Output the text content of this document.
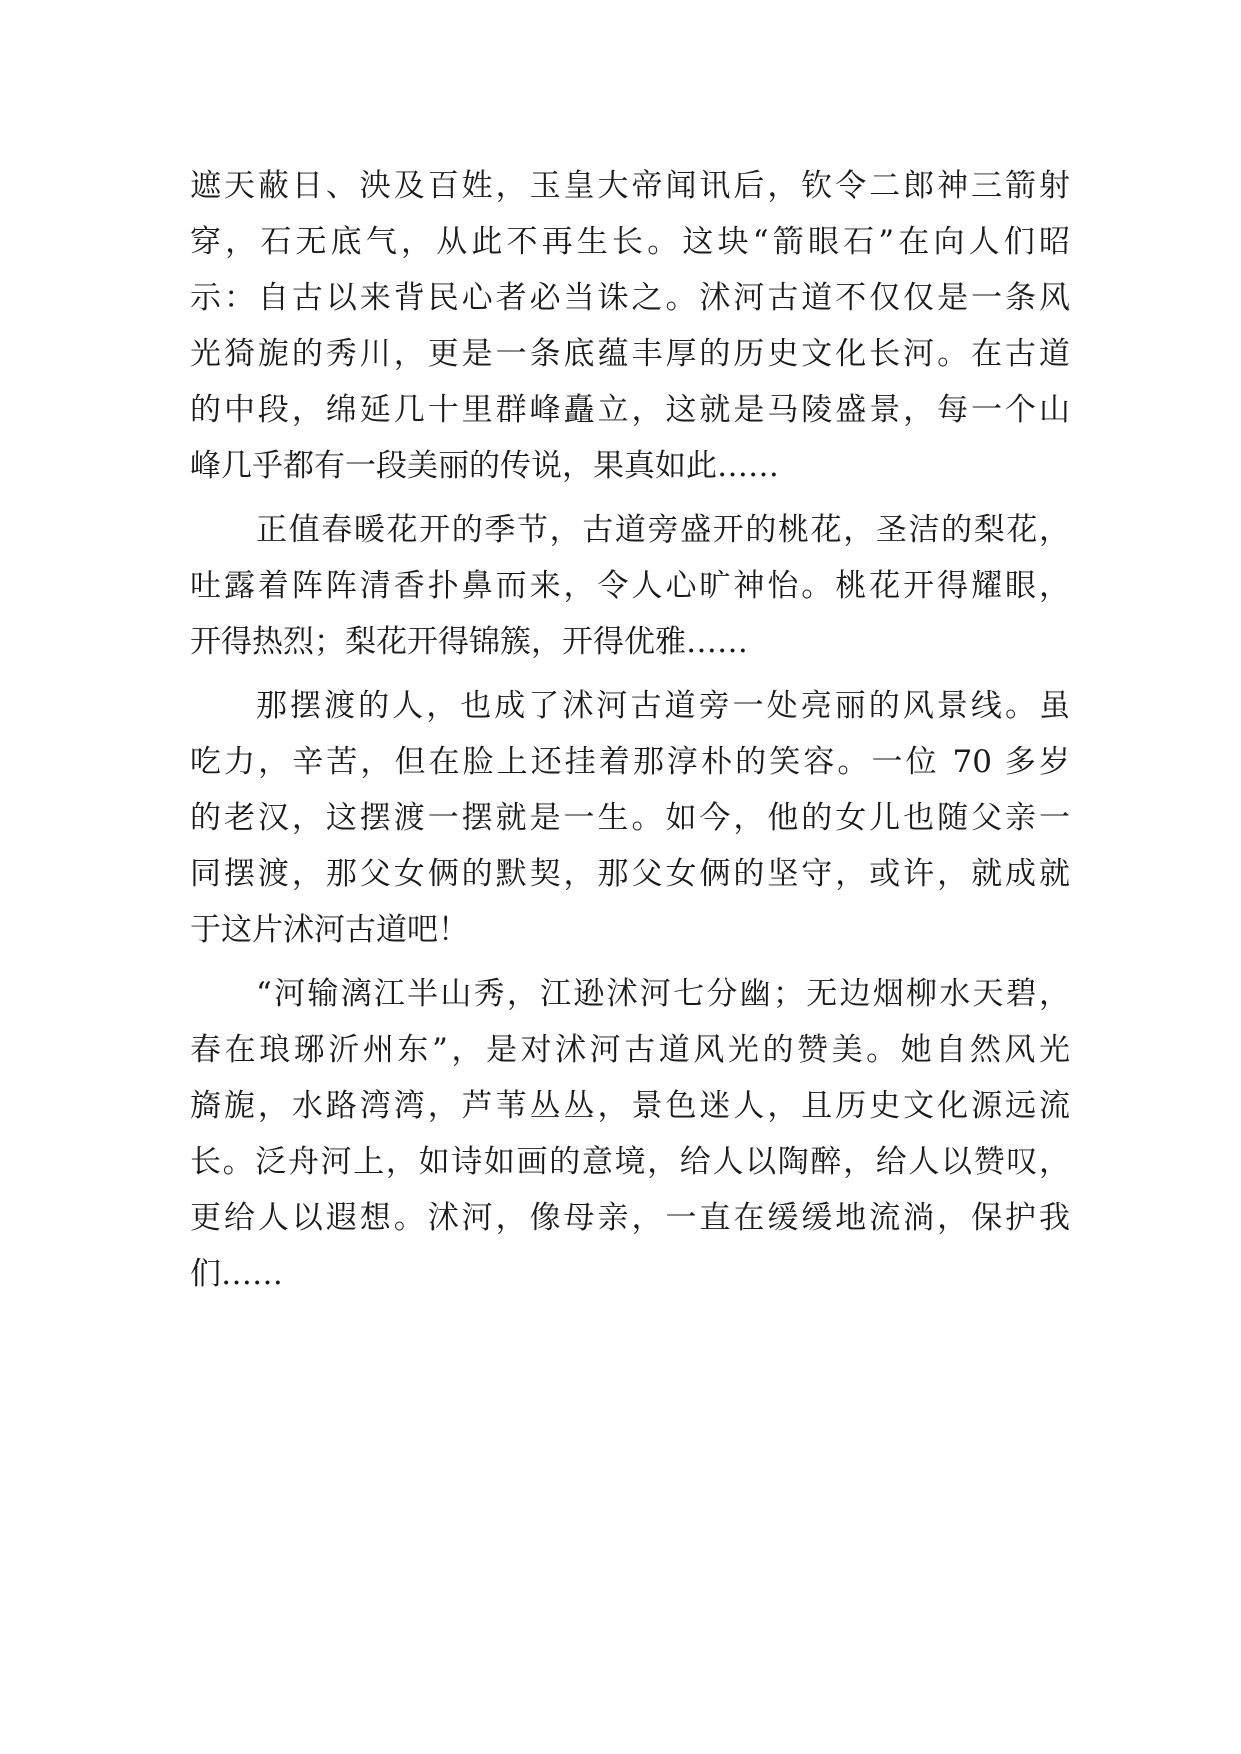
遮天蔽日、泱及百姓，玉皇大帝闻讯后，钦令二郎神三箭射
穿，石无底气，从此不再生长。这块“箭眼石”在向人们昭
示：自古以来背民心者必当诛之。沭河古道不仅仅是一条风
光猗旎的秀川，更是一条底蕴丰厚的历史文化长河。在古道
的中段，绵延几十里群峰矗立，这就是马陵盛景，每一个山
峰几乎都有一段美丽的传说，果真如此……
正值春暖花开的季节，古道旁盛开的桃花，圣洁的梨花，
吐露着阵阵清香扑鼻而来，令人心旷神怡。桃花开得耀眼，
开得热烈；梨花开得锦簇，开得优雅……
那摆渡的人，也成了沭河古道旁一处亮丽的风景线。虽
吃力，辛苦，但在脸上还挂着那淳朴的笑容。一位 70 多岁
的老汉，这摆渡一摆就是一生。如今，他的女儿也随父亲一
同摆渡，那父女俩的默契，那父女俩的坚守，或许，就成就
于这片沭河古道吧！
“河输漓江半山秀，江逊沭河七分幽；无边烟柳水天碧，
春在琅琊沂州东”，是对沭河古道风光的赞美。她自然风光
旖旎，水路湾湾，芦苇丛丛，景色迷人，且历史文化源远流
长。泛舟河上，如诗如画的意境，给人以陶醉，给人以赞叹，
更给人以遐想。沭河，像母亲，一直在缓缓地流淌，保护我
们……
